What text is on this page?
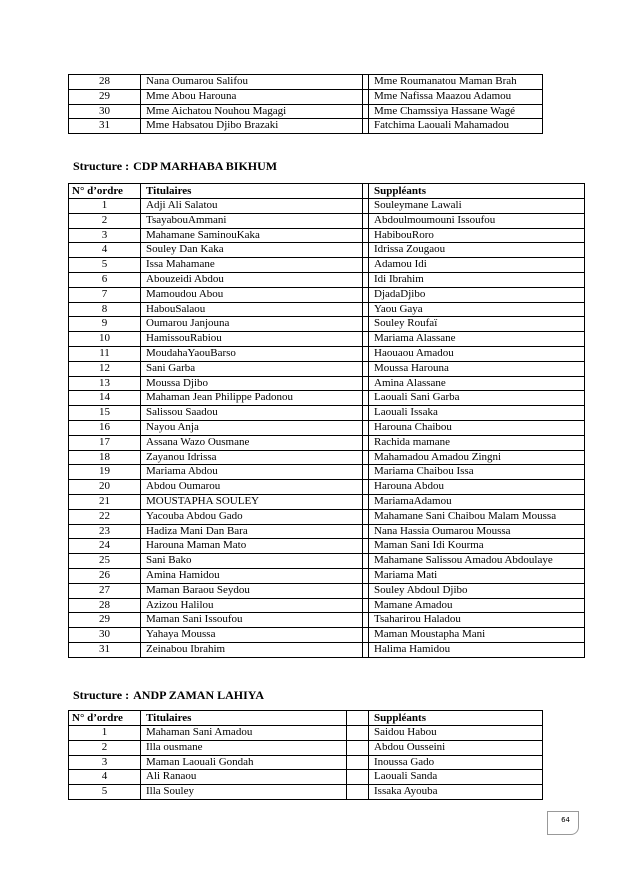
28	Nana Oumarou Salifou		Mme Roumanatou Maman Brah
29	Mme Abou Harouna		Mme Nafissa Maazou Adamou
30	Mme Aichatou Nouhou Magagi		Mme Chamssiya Hassane Wagé
31	Mme Habsatou Djibo Brazaki		Fatchima Laouali Mahamadou
Structure : CDP MARHABA BIKHUM
N° d’ordre	Titulaires		Suppléants
1	Adji Ali Salatou		Souleymane Lawali
2	TsayabouAmmani		Abdoulmoumouni Issoufou
3	Mahamane SaminouKaka		HabibouRoro
4	Souley Dan Kaka		Idrissa Zougaou
5	Issa Mahamane		Adamou Idi
6	Abouzeidi Abdou		Idi Ibrahim
7	Mamoudou Abou		DjadaDjibo
8	HabouSalaou		Yaou Gaya
9	Oumarou Janjouna		Souley Roufaï
10	HamissouRabiou		Mariama Alassane
11	MoudahaYaouBarso		Haouaou Amadou
12	Sani Garba		Moussa Harouna
13	Moussa Djibo		Amina Alassane
14	Mahaman Jean Philippe Padonou		Laouali Sani Garba
15	Salissou Saadou		Laouali Issaka
16	Nayou Anja		Harouna Chaibou
17	Assana Wazo Ousmane		Rachida mamane
18	Zayanou Idrissa		Mahamadou Amadou Zingni
19	Mariama Abdou		Mariama Chaibou Issa
20	Abdou Oumarou		Harouna Abdou
21	MOUSTAPHA SOULEY		MariamaAdamou
22	Yacouba Abdou Gado		Mahamane Sani Chaibou Malam Moussa
23	Hadiza Mani Dan Bara		Nana Hassia Oumarou Moussa
24	Harouna Maman Mato		Maman Sani Idi Kourma
25	Sani Bako		Mahamane Salissou Amadou Abdoulaye
26	Amina Hamidou		Mariama Mati
27	Maman Baraou Seydou		Souley Abdoul Djibo
28	Azizou Halilou		Mamane Amadou
29	Maman Sani Issoufou		Tsaharirou Haladou
30	Yahaya Moussa		Maman Moustapha Mani
31	Zeinabou Ibrahim		Halima Hamidou
Structure : ANDP ZAMAN LAHIYA
N° d’ordre	Titulaires		Suppléants
1	Mahaman Sani Amadou		Saidou Habou
2	Illa ousmane		Abdou Ousseini
3	Maman Laouali Gondah		Inoussa Gado
4	Ali Ranaou		Laouali Sanda
5	Illa Souley		Issaka Ayouba
64
